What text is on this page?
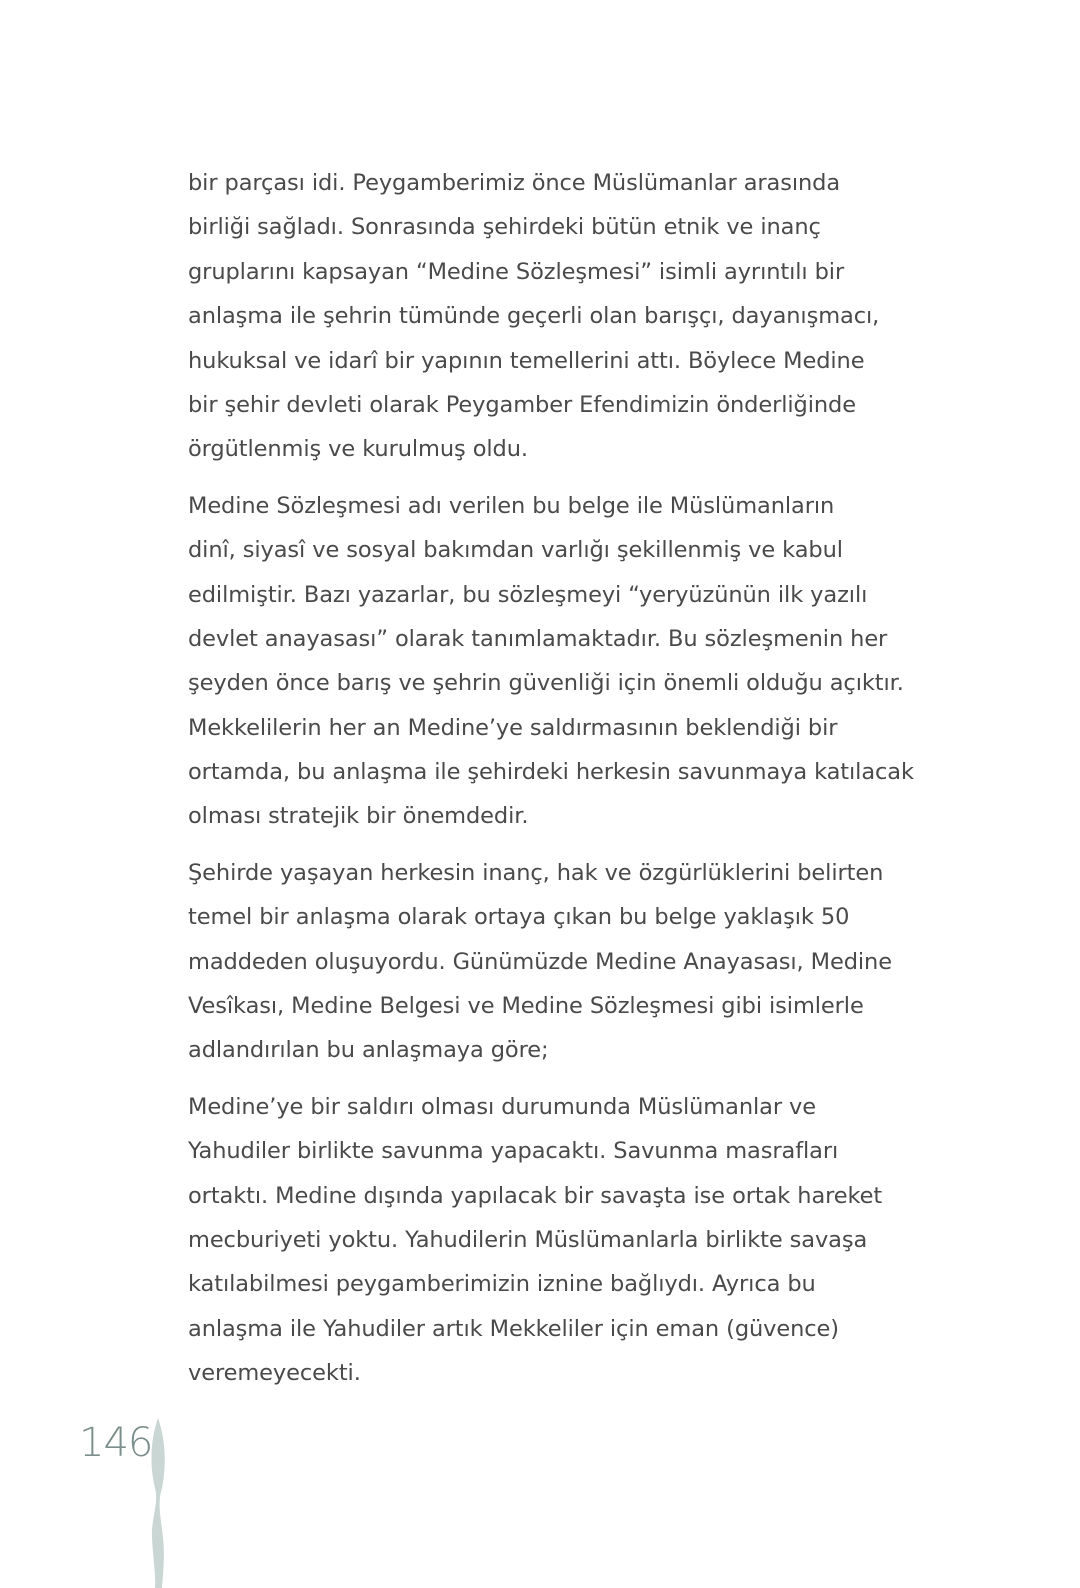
bir parçası idi. Peygamberimiz önce Müslümanlar arasında
birliği sağladı. Sonrasında şehirdeki bütün etnik ve inanç
gruplarını kapsayan “Medine Sözleşmesi” isimli ayrıntılı bir
anlaşma ile şehrin tümünde geçerli olan barışçı, dayanışmacı,
hukuksal ve idarî bir yapının temellerini attı. Böylece Medine
bir şehir devleti olarak Peygamber Efendimizin önderliğinde
örgütlenmiş ve kurulmuş oldu.

Medine Sözleşmesi adı verilen bu belge ile Müslümanların
dinî, siyasî ve sosyal bakımdan varlığı şekillenmiş ve kabul
edilmiştir. Bazı yazarlar, bu sözleşmeyi “yeryüzünün ilk yazılı
devlet anayasası” olarak tanımlamaktadır. Bu sözleşmenin her
şeyden önce barış ve şehrin güvenliği için önemli olduğu açıktır.
Mekkelilerin her an Medine’ye saldırmasının beklendiği bir
ortamda, bu anlaşma ile şehirdeki herkesin savunmaya katılacak
olması stratejik bir önemdedir.

Şehirde yaşayan herkesin inanç, hak ve özgürlüklerini belirten
temel bir anlaşma olarak ortaya çıkan bu belge yaklaşık 50
maddeden oluşuyordu. Günümüzde Medine Anayasası, Medine
Vesîkası, Medine Belgesi ve Medine Sözleşmesi gibi isimlerle
adlandırılan bu anlaşmaya göre;

Medine’ye bir saldırı olması durumunda Müslümanlar ve
Yahudiler birlikte savunma yapacaktı. Savunma masrafları
ortaktı. Medine dışında yapılacak bir savaşta ise ortak hareket
mecburiyeti yoktu. Yahudilerin Müslümanlarla birlikte savaşa
katılabilmesi peygamberimizin iznine bağlıydı. Ayrıca bu
anlaşma ile Yahudiler artık Mekkeliler için eman (güvence)
veremeyecekti.

146
